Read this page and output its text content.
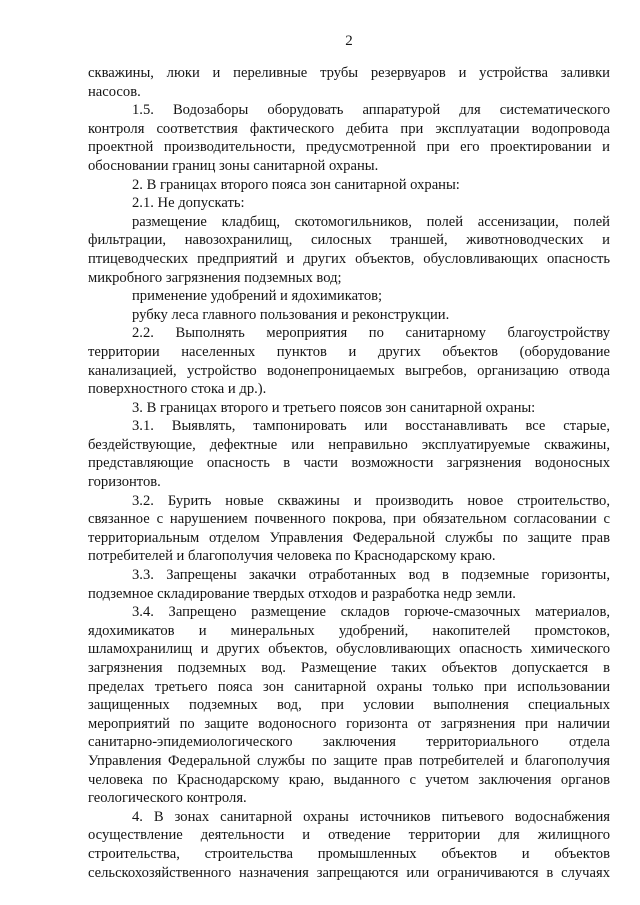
2
скважины, люки и переливные трубы резервуаров и устройства заливки
насосов.
1.5. Водозаборы оборудовать аппаратурой для систематического
контроля соответствия фактического дебита при эксплуатации водопровода
проектной производительности, предусмотренной при его проектировании и
обосновании границ зоны санитарной охраны.
2. В границах второго пояса зон санитарной охраны:
2.1. Не допускать:
размещение кладбищ, скотомогильников, полей ассенизации, полей
фильтрации, навозохранилищ, силосных траншей, животноводческих и
птицеводческих предприятий и других объектов, обусловливающих опасность
микробного загрязнения подземных вод;
применение удобрений и ядохимикатов;
рубку леса главного пользования и реконструкции.
2.2. Выполнять мероприятия по санитарному благоустройству
территории населенных пунктов и других объектов (оборудование
канализацией, устройство водонепроницаемых выгребов, организацию отвода
поверхностного стока и др.).
3. В границах второго и третьего поясов зон санитарной охраны:
3.1. Выявлять, тампонировать или восстанавливать все старые,
бездействующие, дефектные или неправильно эксплуатируемые скважины,
представляющие опасность в части возможности загрязнения водоносных
горизонтов.
3.2. Бурить новые скважины и производить новое строительство,
связанное с нарушением почвенного покрова, при обязательном согласовании с
территориальным отделом Управления Федеральной службы по защите прав
потребителей и благополучия человека по Краснодарскому краю.
3.3. Запрещены закачки отработанных вод в подземные горизонты,
подземное складирование твердых отходов и разработка недр земли.
3.4. Запрещено размещение складов горюче-смазочных материалов,
ядохимикатов и минеральных удобрений, накопителей промстоков,
шламохранилищ и других объектов, обусловливающих опасность химического
загрязнения подземных вод. Размещение таких объектов допускается в
пределах третьего пояса зон санитарной охраны только при использовании
защищенных подземных вод, при условии выполнения специальных
мероприятий по защите водоносного горизонта от загрязнения при наличии
санитарно-эпидемиологического заключения территориального отдела
Управления Федеральной службы по защите прав потребителей и благополучия
человека по Краснодарскому краю, выданного с учетом заключения органов
геологического контроля.
4. В зонах санитарной охраны источников питьевого водоснабжения
осуществление деятельности и отведение территории для жилищного
строительства, строительства промышленных объектов и объектов
сельскохозяйственного назначения запрещаются или ограничиваются в случаях
